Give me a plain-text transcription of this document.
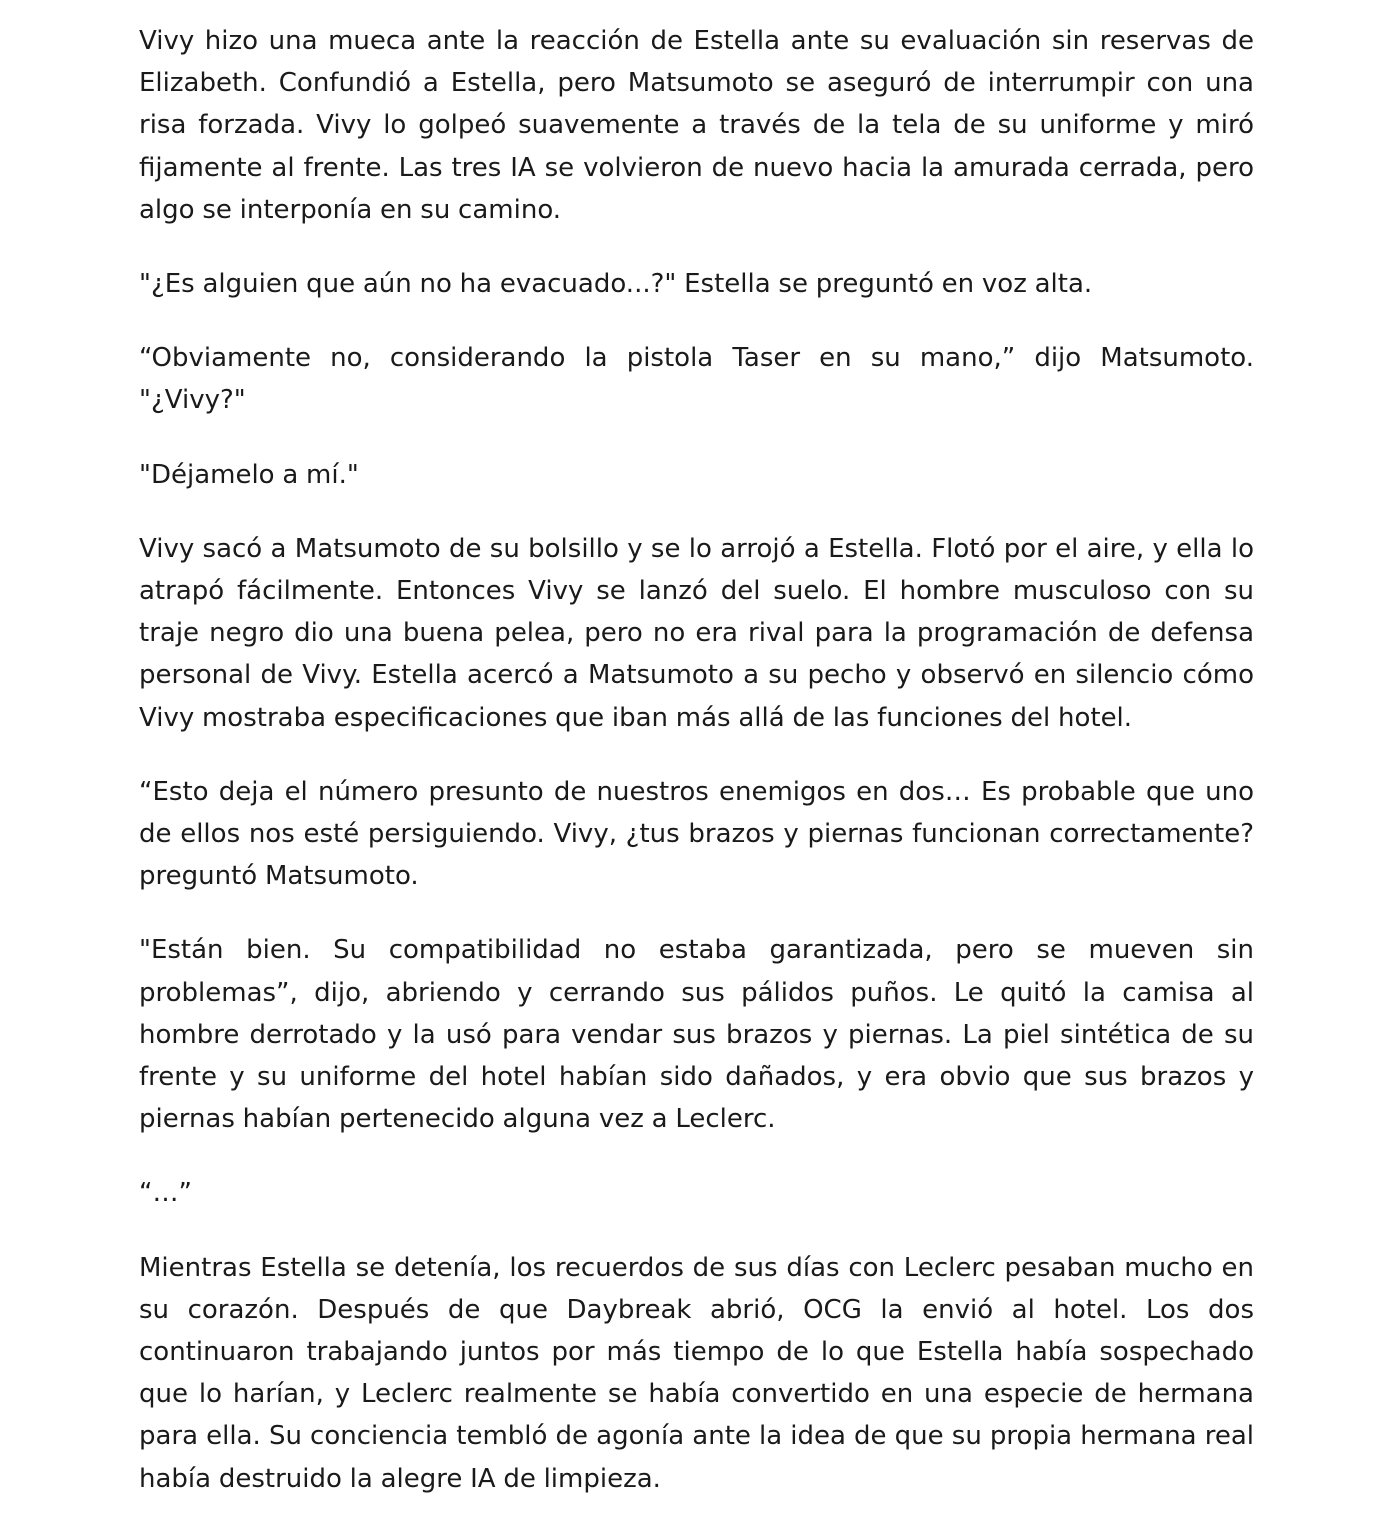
Vivy hizo una mueca ante la reacción de Estella ante su evaluación sin reservas de Elizabeth. Confundió a Estella, pero Matsumoto se aseguró de interrumpir con una risa forzada. Vivy lo golpeó suavemente a través de la tela de su uniforme y miró fijamente al frente. Las tres IA se volvieron de nuevo hacia la amurada cerrada, pero algo se interponía en su camino.

"¿Es alguien que aún no ha evacuado...?" Estella se preguntó en voz alta.

“Obviamente no, considerando la pistola Taser en su mano,” dijo Matsumoto. "¿Vivy?"

"Déjamelo a mí."

Vivy sacó a Matsumoto de su bolsillo y se lo arrojó a Estella. Flotó por el aire, y ella lo atrapó fácilmente. Entonces Vivy se lanzó del suelo. El hombre musculoso con su traje negro dio una buena pelea, pero no era rival para la programación de defensa personal de Vivy. Estella acercó a Matsumoto a su pecho y observó en silencio cómo Vivy mostraba especificaciones que iban más allá de las funciones del hotel.

“Esto deja el número presunto de nuestros enemigos en dos… Es probable que uno de ellos nos esté persiguiendo. Vivy, ¿tus brazos y piernas funcionan correctamente? preguntó Matsumoto.

"Están bien. Su compatibilidad no estaba garantizada, pero se mueven sin problemas”, dijo, abriendo y cerrando sus pálidos puños. Le quitó la camisa al hombre derrotado y la usó para vendar sus brazos y piernas. La piel sintética de su frente y su uniforme del hotel habían sido dañados, y era obvio que sus brazos y piernas habían pertenecido alguna vez a Leclerc.

“…”

Mientras Estella se detenía, los recuerdos de sus días con Leclerc pesaban mucho en su corazón. Después de que Daybreak abrió, OCG la envió al hotel. Los dos continuaron trabajando juntos por más tiempo de lo que Estella había sospechado que lo harían, y Leclerc realmente se había convertido en una especie de hermana para ella. Su conciencia tembló de agonía ante la idea de que su propia hermana real había destruido la alegre IA de limpieza.
